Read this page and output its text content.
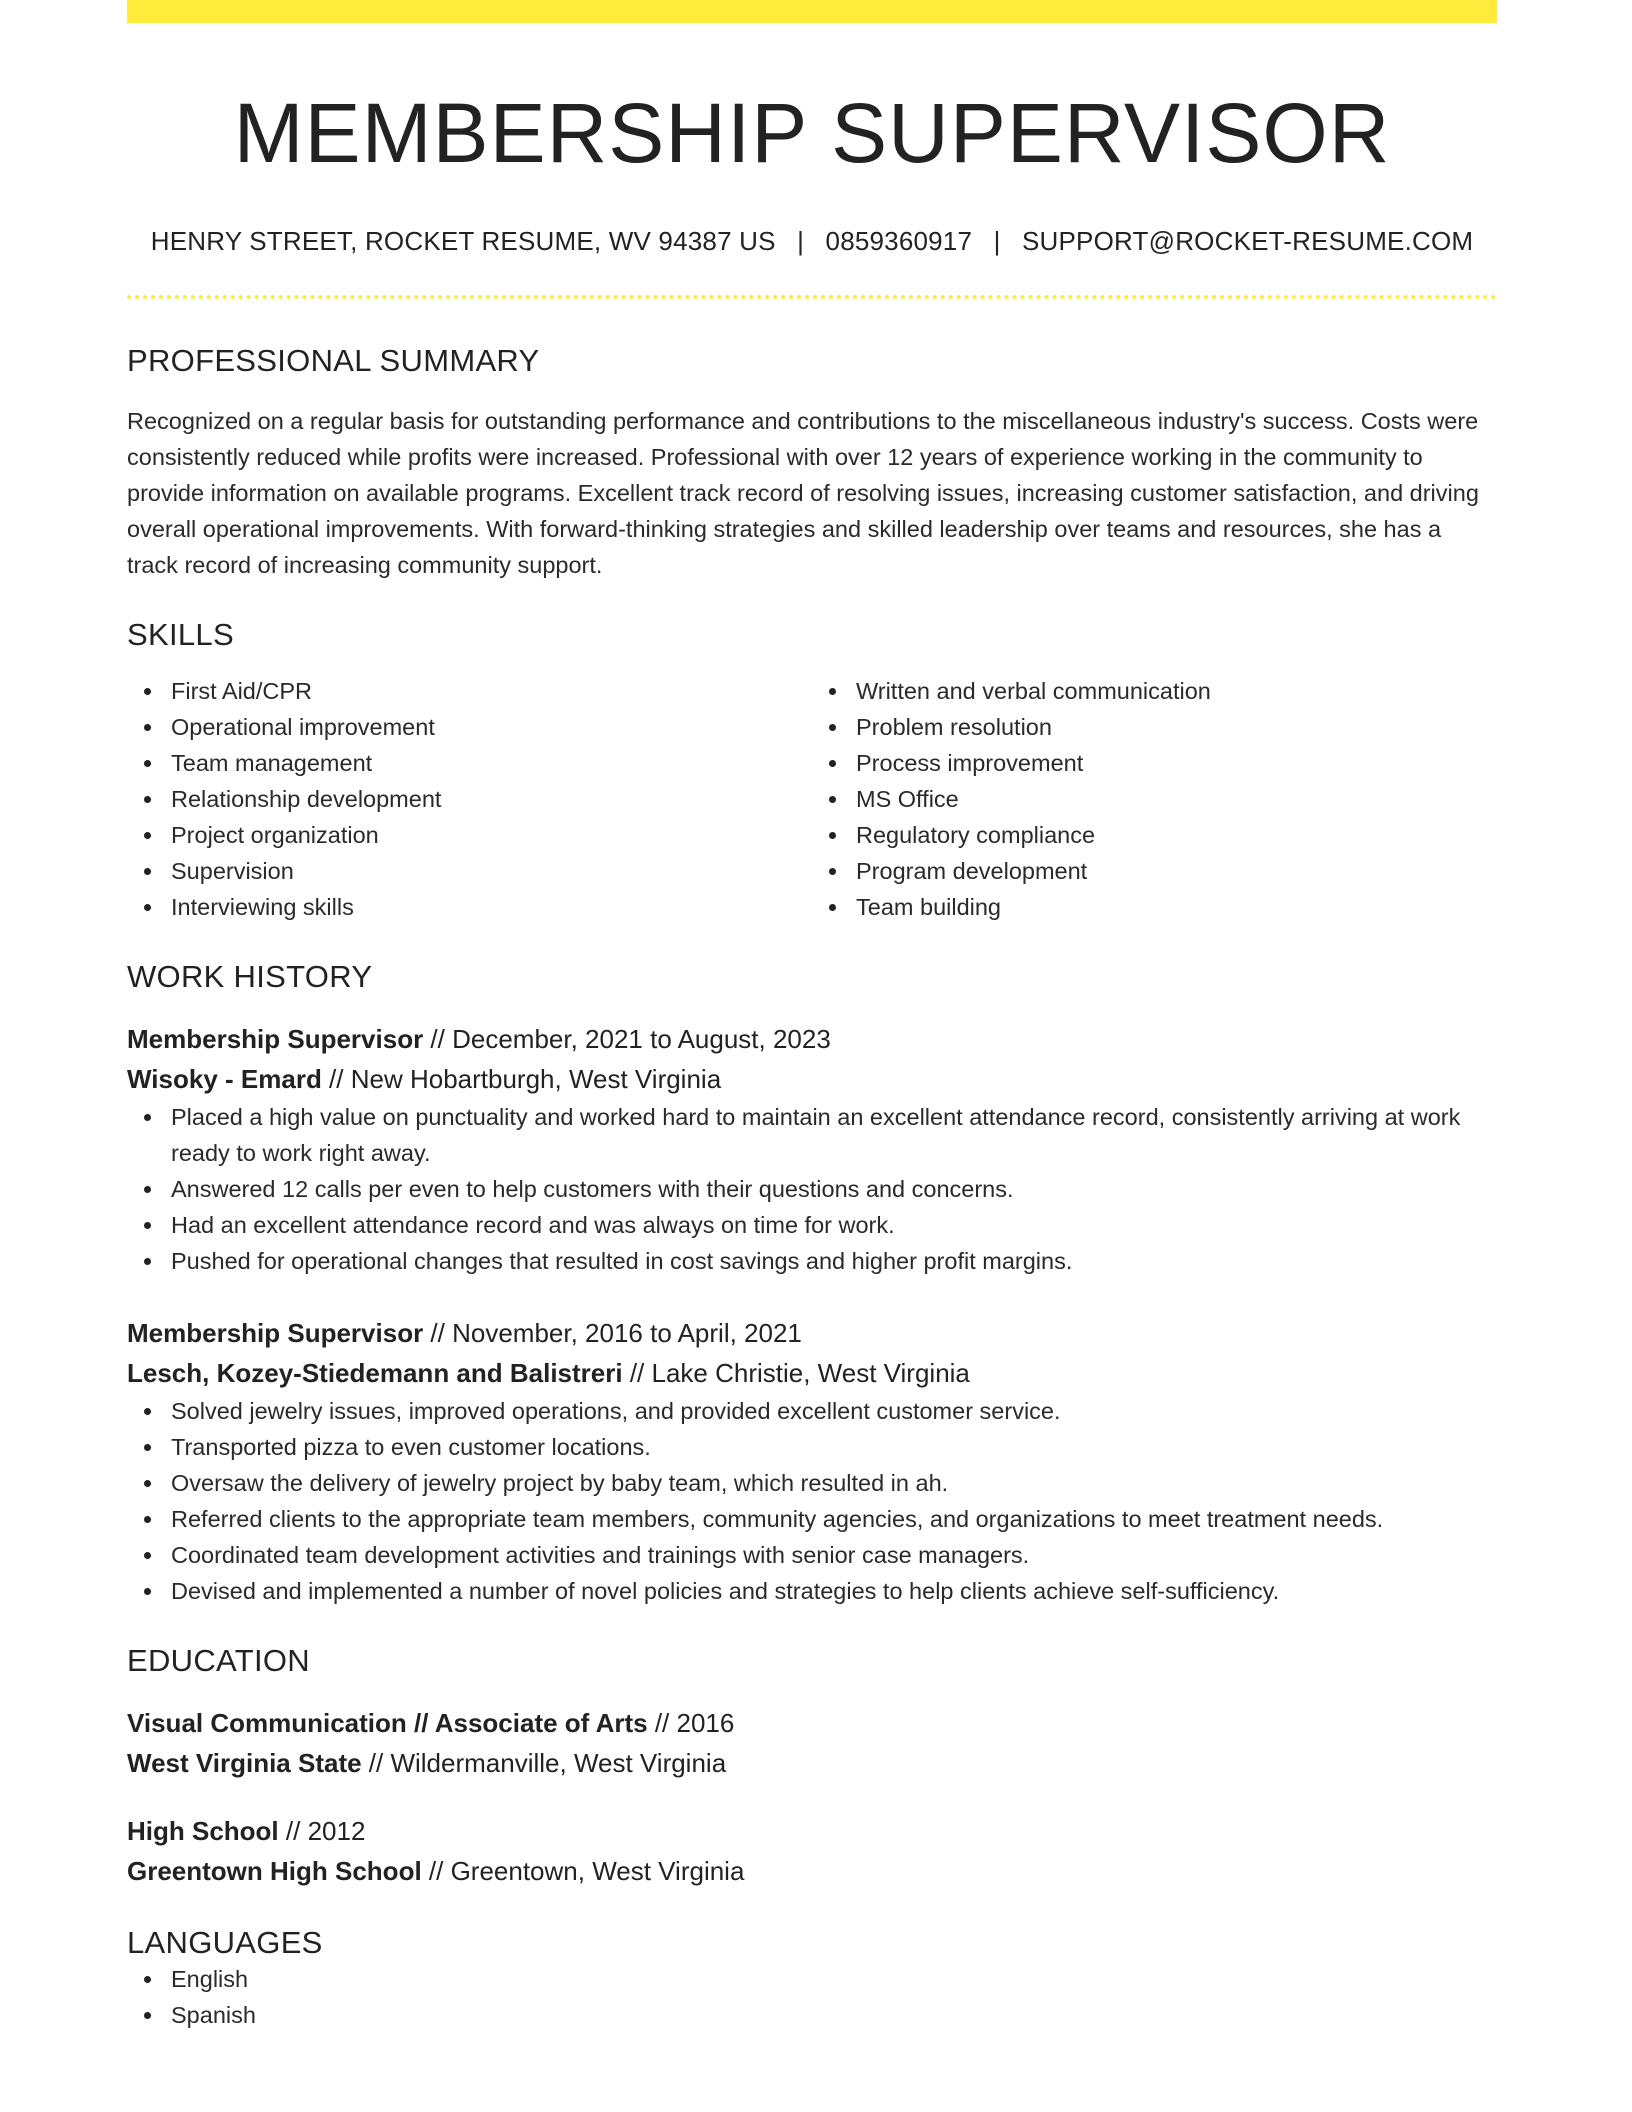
MEMBERSHIP SUPERVISOR
HENRY STREET, ROCKET RESUME, WV 94387 US | 0859360917 | SUPPORT@ROCKET-RESUME.COM
PROFESSIONAL SUMMARY

Recognized on a regular basis for outstanding performance and contributions to the miscellaneous industry's success. Costs were consistently reduced while profits were increased. Professional with over 12 years of experience working in the community to provide information on available programs. Excellent track record of resolving issues, increasing customer satisfaction, and driving overall operational improvements. With forward-thinking strategies and skilled leadership over teams and resources, she has a track record of increasing community support.

SKILLS
First Aid/CPR
Operational improvement
Team management
Relationship development
Project organization
Supervision
Interviewing skills
Written and verbal communication
Problem resolution
Process improvement
MS Office
Regulatory compliance
Program development
Team building
WORK HISTORY
Membership Supervisor // December, 2021 to August, 2023
Wisoky - Emard // New Hobartburgh, West Virginia
Placed a high value on punctuality and worked hard to maintain an excellent attendance record, consistently arriving at work ready to work right away.
Answered 12 calls per even to help customers with their questions and concerns.
Had an excellent attendance record and was always on time for work.
Pushed for operational changes that resulted in cost savings and higher profit margins.
Membership Supervisor // November, 2016 to April, 2021
Lesch, Kozey-Stiedemann and Balistreri // Lake Christie, West Virginia
Solved jewelry issues, improved operations, and provided excellent customer service.
Transported pizza to even customer locations.
Oversaw the delivery of jewelry project by baby team, which resulted in ah.
Referred clients to the appropriate team members, community agencies, and organizations to meet treatment needs.
Coordinated team development activities and trainings with senior case managers.
Devised and implemented a number of novel policies and strategies to help clients achieve self-sufficiency.
EDUCATION
Visual Communication // Associate of Arts // 2016
West Virginia State // Wildermanville, West Virginia
High School // 2012
Greentown High School // Greentown, West Virginia
LANGUAGES
English
Spanish
